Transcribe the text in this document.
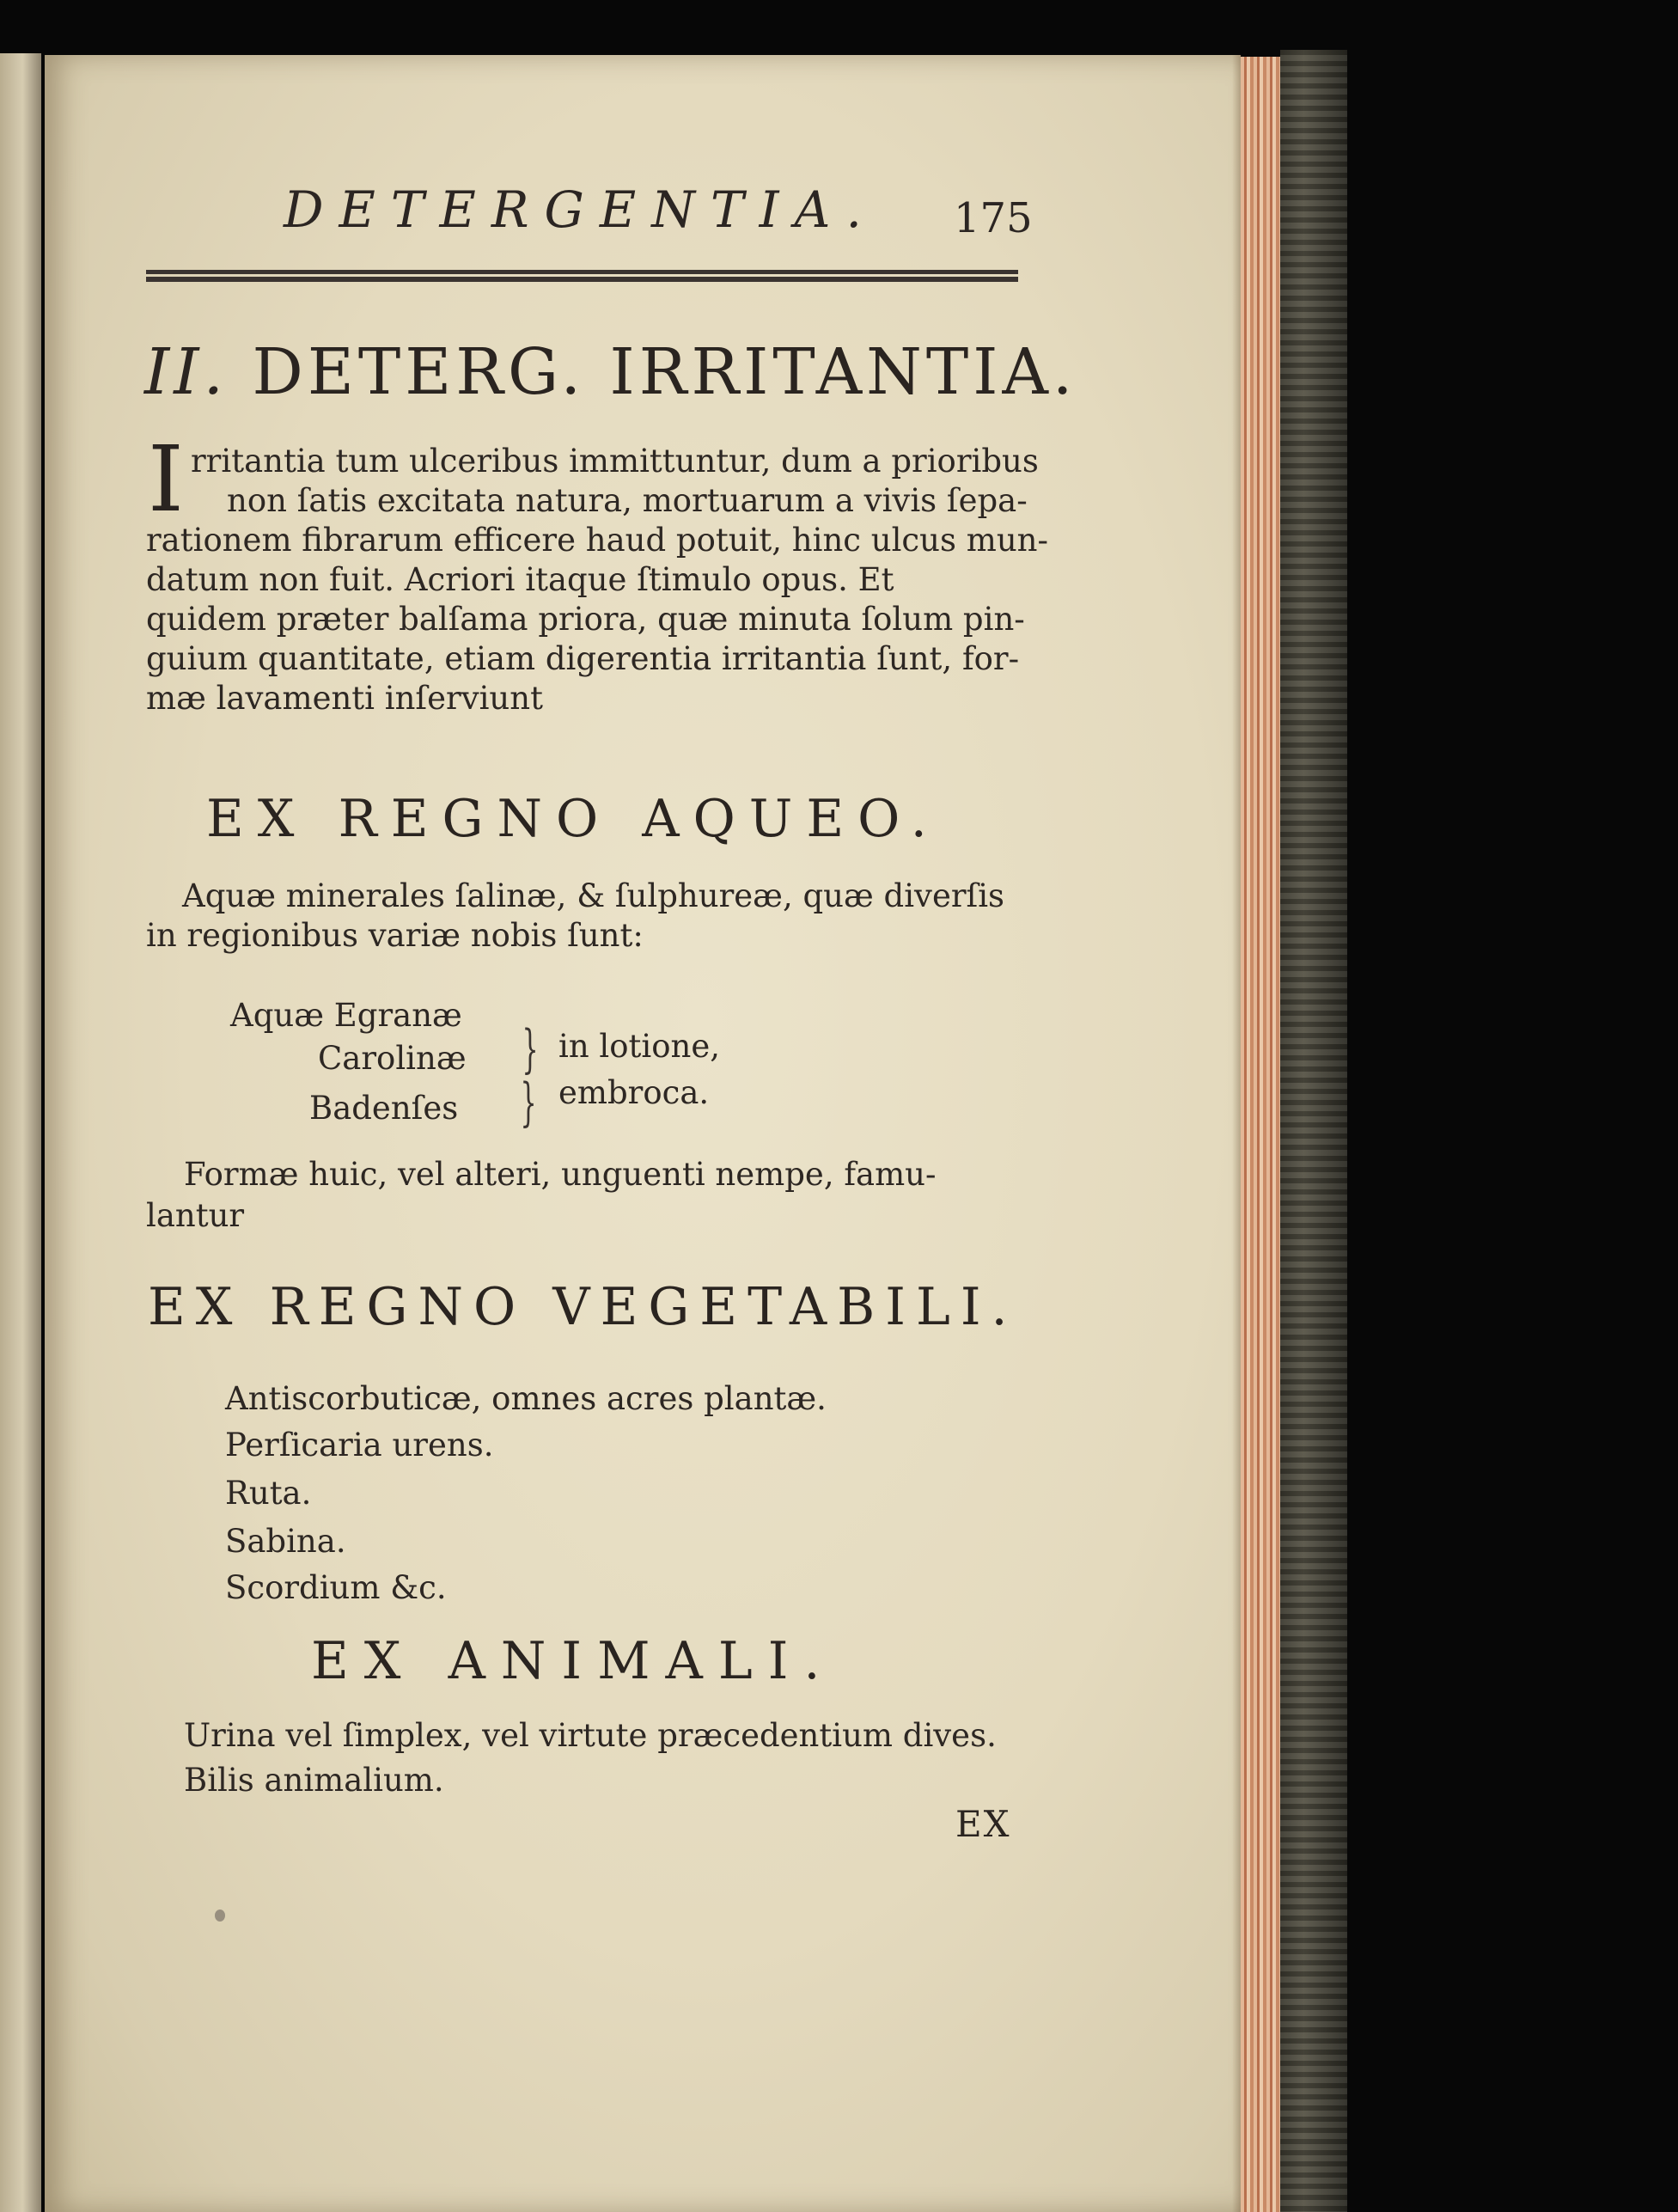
DETERGENTIA. 175
II. DETERG. IRRITANTIA.
I rritantia tum ulceribus immittuntur, dum a prioribus
non ſatis excitata natura, mortuarum a vivis ſepa-
rationem fibrarum efficere haud potuit, hinc ulcus mun-
datum non fuit. Acriori itaque ſtimulo opus. Et
quidem præter balſama priora, quæ minuta ſolum pin-
guium quantitate, etiam digerentia irritantia ſunt, for-
mæ lavamenti inſerviunt
EX REGNO AQUEO.
Aquæ minerales ſalinæ, & ſulphureæ, quæ diverſis
in regionibus variæ nobis ſunt:
Aquæ Egranæ
Carolinæ
Badenſes
}
}
in lotione,
embroca.
Formæ huic, vel alteri, unguenti nempe, famu-
lantur
EX REGNO VEGETABILI.
Antiscorbuticæ, omnes acres plantæ.
Perſicaria urens.
Ruta.
Sabina.
Scordium &c.
EX ANIMALI.
Urina vel ſimplex, vel virtute præcedentium dives.
Bilis animalium.
EX
